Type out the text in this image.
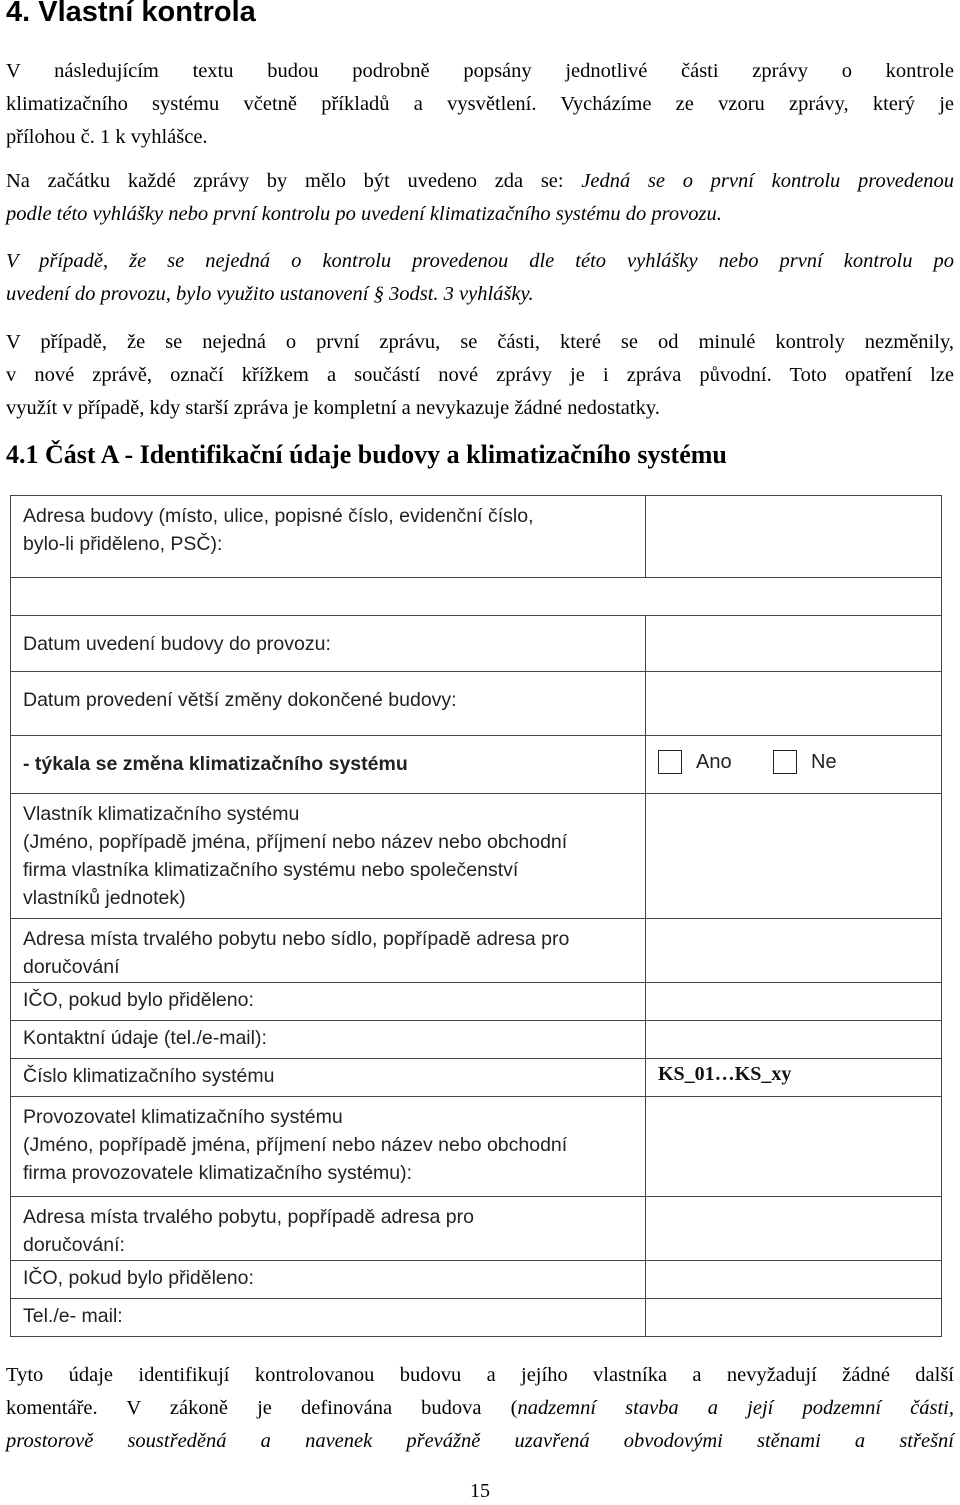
4. Vlastní kontrola
V následujícím textu budou podrobně popsány jednotlivé části zprávy o kontrole
klimatizačního systému včetně příkladů a vysvětlení. Vycházíme ze vzoru zprávy, který je
přílohou č. 1 k vyhlášce.
Na začátku každé zprávy by mělo být uvedeno zda se: Jedná se o první kontrolu provedenou
podle této vyhlášky nebo první kontrolu po uvedení klimatizačního systému do provozu.
V případě, že se nejedná o kontrolu provedenou dle této vyhlášky nebo první kontrolu po
uvedení do provozu, bylo využito ustanovení § 3odst. 3 vyhlášky.
V případě, že se nejedná o první zprávu, se části, které se od minulé kontroly nezměnily,
v nové zprávě, označí křížkem a součástí nové zprávy je i zpráva původní. Toto opatření lze
využít v případě, kdy starší zpráva je kompletní a nevykazuje žádné nedostatky.
4.1 Část A - Identifikační údaje budovy a klimatizačního systému
Adresa budovy (místo, ulice, popisné číslo, evidenční číslo,
bylo-li přiděleno, PSČ):	

Datum uvedení budovy do provozu:	
Datum provedení větší změny dokončené budovy:	
- týkala se změna klimatizačního systému	Ano
Ne

Vlastník klimatizačního systému
(Jméno, popřípadě jména, příjmení nebo název nebo obchodní
firma vlastníka klimatizačního systému nebo společenství
vlastníků jednotek)	

Adresa místa trvalého pobytu nebo sídlo, popřípadě adresa pro
doručování	

IČO, pokud bylo přiděleno:	
Kontaktní údaje (tel./e-mail):	
Číslo klimatizačního systému	KS_01…KS_xy

Provozovatel klimatizačního systému
(Jméno, popřípadě jména, příjmení nebo název nebo obchodní
firma provozovatele klimatizačního systému):	

Adresa místa trvalého pobytu, popřípadě adresa pro
doručování:	

IČO, pokud bylo přiděleno:	
Tel./e- mail:	
Tyto údaje identifikují kontrolovanou budovu a jejího vlastníka a nevyžadují žádné další
komentáře. V zákoně je definována budova (nadzemní stavba a její podzemní části,
prostorově soustředěná a navenek převážně uzavřená obvodovými stěnami a střešní
15
